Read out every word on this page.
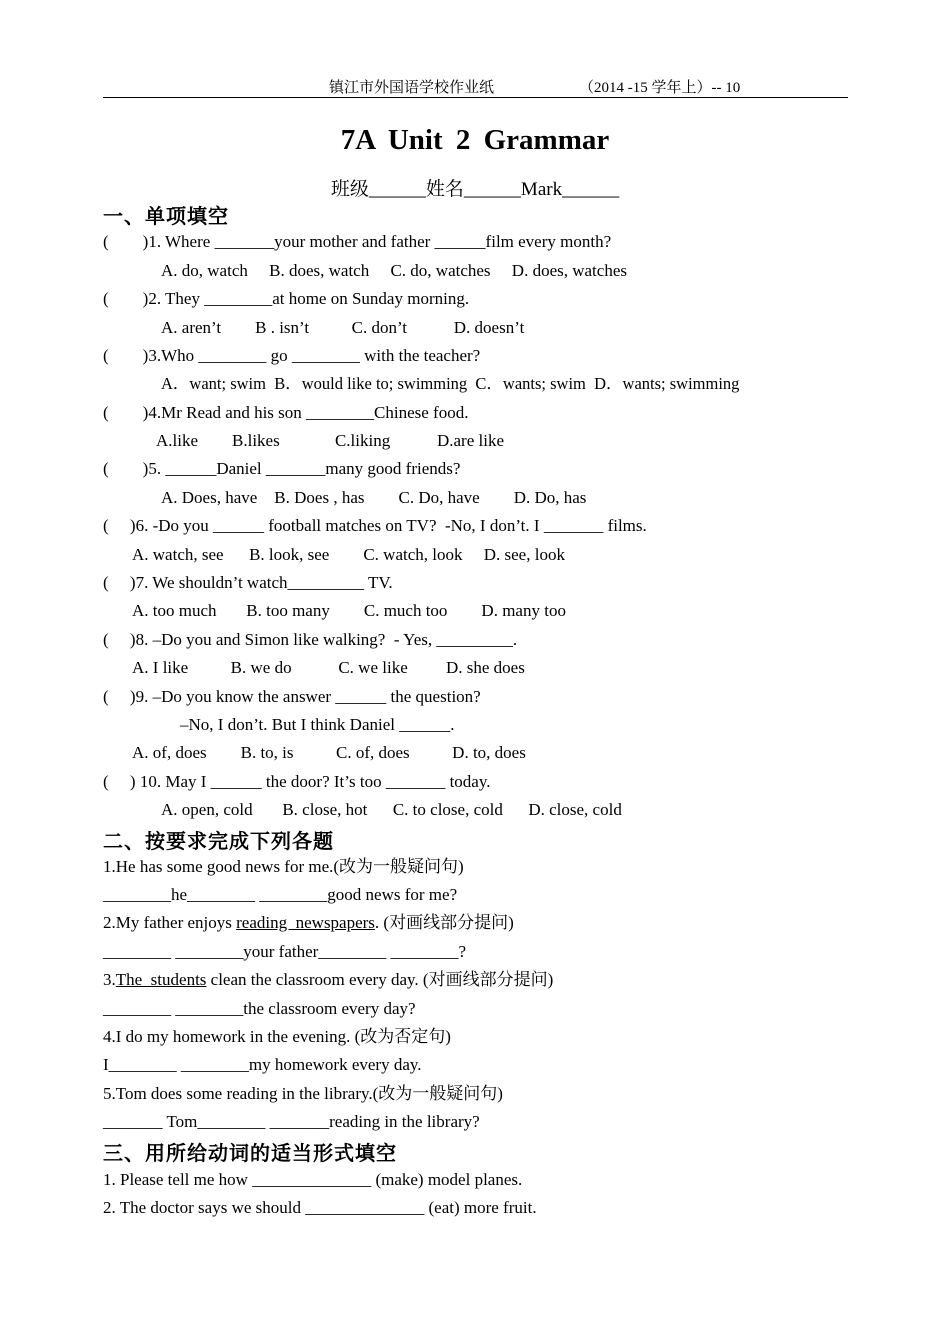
镇江市外国语学校作业纸	（2014 -15 学年上）-- 10
7A Unit 2 Grammar
班级______姓名______Mark______
一、单项填空
(        )1. Where _______your mother and father ______film every month?
A. do, watch     B. does, watch     C. do, watches     D. does, watches
(        )2. They ________at home on Sunday morning.
A. aren’t        B . isn’t          C. don’t           D. doesn’t
(        )3.Who ________ go ________ with the teacher?
A．want; swim  B．would like to; swimming  C．wants; swim  D．wants; swimming
(        )4.Mr Read and his son ________Chinese food.
A.like        B.likes             C.liking           D.are like
(        )5. ______Daniel _______many good friends?
A. Does, have    B. Does , has        C. Do, have        D. Do, has
(     )6. -Do you ______ football matches on TV?  -No, I don’t. I _______ films.
A. watch, see      B. look, see        C. watch, look     D. see, look
(     )7. We shouldn’t watch_________ TV.
A. too much       B. too many        C. much too        D. many too
(     )8. –Do you and Simon like walking?  - Yes, _________.
A. I like          B. we do           C. we like         D. she does
(     )9. –Do you know the answer ______ the question?
–No, I don’t. But I think Daniel ______.
A. of, does        B. to, is          C. of, does          D. to, does
(     ) 10. May I ______ the door? It’s too _______ today.
A. open, cold       B. close, hot      C. to close, cold      D. close, cold
二、按要求完成下列各题
1.He has some good news for me.(改为一般疑问句)
________he________ ________good news for me?
2.My father enjoys reading  newspapers. (对画线部分提问)
________ ________your father________ ________?
3.The  students clean the classroom every day. (对画线部分提问)
________ ________the classroom every day?
4.I do my homework in the evening. (改为否定句)
I________ ________my homework every day.
5.Tom does some reading in the library.(改为一般疑问句)
_______ Tom________ _______reading in the library?
三、用所给动词的适当形式填空
1. Please tell me how ______________ (make) model planes.
2. The doctor says we should ______________ (eat) more fruit.
